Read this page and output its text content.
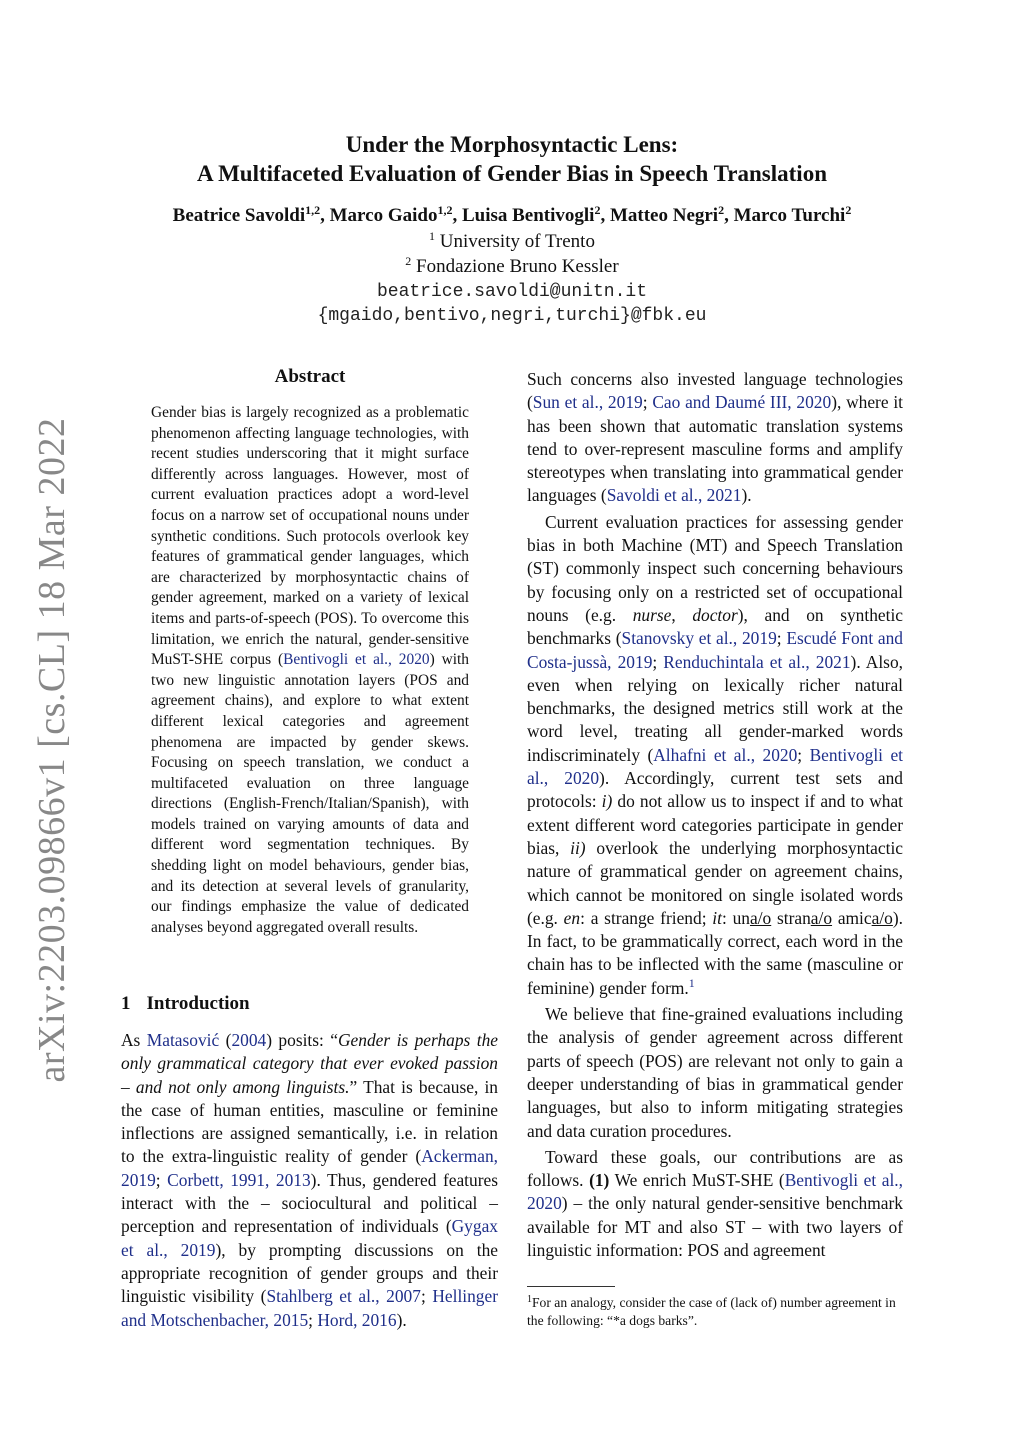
arXiv:2203.09866v1 [cs.CL] 18 Mar 2022
Under the Morphosyntactic Lens:
A Multifaceted Evaluation of Gender Bias in Speech Translation
Beatrice Savoldi$^{1,2}$, Marco Gaido$^{1,2}$, Luisa Bentivogli$^2$, Matteo Negri$^2$, Marco Turchi$^2$
$^1$ University of Trento
$^2$ Fondazione Bruno Kessler
beatrice.savoldi@unitn.it
{mgaido,bentivo,negri,turchi}@fbk.eu
Abstract
Gender bias is largely recognized as a problematic phenomenon affecting language technologies, with recent studies underscoring that it might surface differently across languages. However, most of current evaluation practices adopt a word-level focus on a narrow set of occupational nouns under synthetic conditions. Such protocols overlook key features of grammatical gender languages, which are characterized by morphosyntactic chains of gender agreement, marked on a variety of lexical items and parts-of-speech (POS). To overcome this limitation, we enrich the natural, gender-sensitive MuST-SHE corpus (Bentivogli et al., 2020) with two new linguistic annotation layers (POS and agreement chains), and explore to what extent different lexical categories and agreement phenomena are impacted by gender skews. Focusing on speech translation, we conduct a multifaceted evaluation on three language directions (English-French/Italian/Spanish), with models trained on varying amounts of data and different word segmentation techniques. By shedding light on model behaviours, gender bias, and its detection at several levels of granularity, our findings emphasize the value of dedicated analyses beyond aggregated overall results.
1 Introduction

As Matasović (2004) posits: “Gender is perhaps the only grammatical category that ever evoked passion – and not only among linguists.” That is because, in the case of human entities, masculine or feminine inflections are assigned semantically, i.e. in relation to the extra-linguistic reality of gender (Ackerman, 2019; Corbett, 1991, 2013). Thus, gendered features interact with the – sociocultural and political – perception and representation of individuals (Gygax et al., 2019), by prompting discussions on the appropriate recognition of gender groups and their linguistic visibility (Stahlberg et al., 2007; Hellinger and Motschenbacher, 2015; Hord, 2016).

Such concerns also invested language technologies (Sun et al., 2019; Cao and Daumé III, 2020), where it has been shown that automatic translation systems tend to over-represent masculine forms and amplify stereotypes when translating into grammatical gender languages (Savoldi et al., 2021).

Current evaluation practices for assessing gender bias in both Machine (MT) and Speech Translation (ST) commonly inspect such concerning behaviours by focusing only on a restricted set of occupational nouns (e.g. nurse, doctor), and on synthetic benchmarks (Stanovsky et al., 2019; Escudé Font and Costa-jussà, 2019; Renduchintala et al., 2021). Also, even when relying on lexically richer natural benchmarks, the designed metrics still work at the word level, treating all gender-marked words indiscriminately (Alhafni et al., 2020; Bentivogli et al., 2020). Accordingly, current test sets and protocols: i) do not allow us to inspect if and to what extent different word categories participate in gender bias, ii) overlook the underlying morphosyntactic nature of grammatical gender on agreement chains, which cannot be monitored on single isolated words (e.g. en: a strange friend; it: una/o strana/o amica/o). In fact, to be grammatically correct, each word in the chain has to be inflected with the same (masculine or feminine) gender form.$^1$

We believe that fine-grained evaluations including the analysis of gender agreement across different parts of speech (POS) are relevant not only to gain a deeper understanding of bias in grammatical gender languages, but also to inform mitigating strategies and data curation procedures.

Toward these goals, our contributions are as follows. (1) We enrich MuST-SHE (Bentivogli et al., 2020) – the only natural gender-sensitive benchmark available for MT and also ST – with two layers of linguistic information: POS and agreement

$^1$For an analogy, consider the case of (lack of) number agreement in the following: “*a dogs barks”.
